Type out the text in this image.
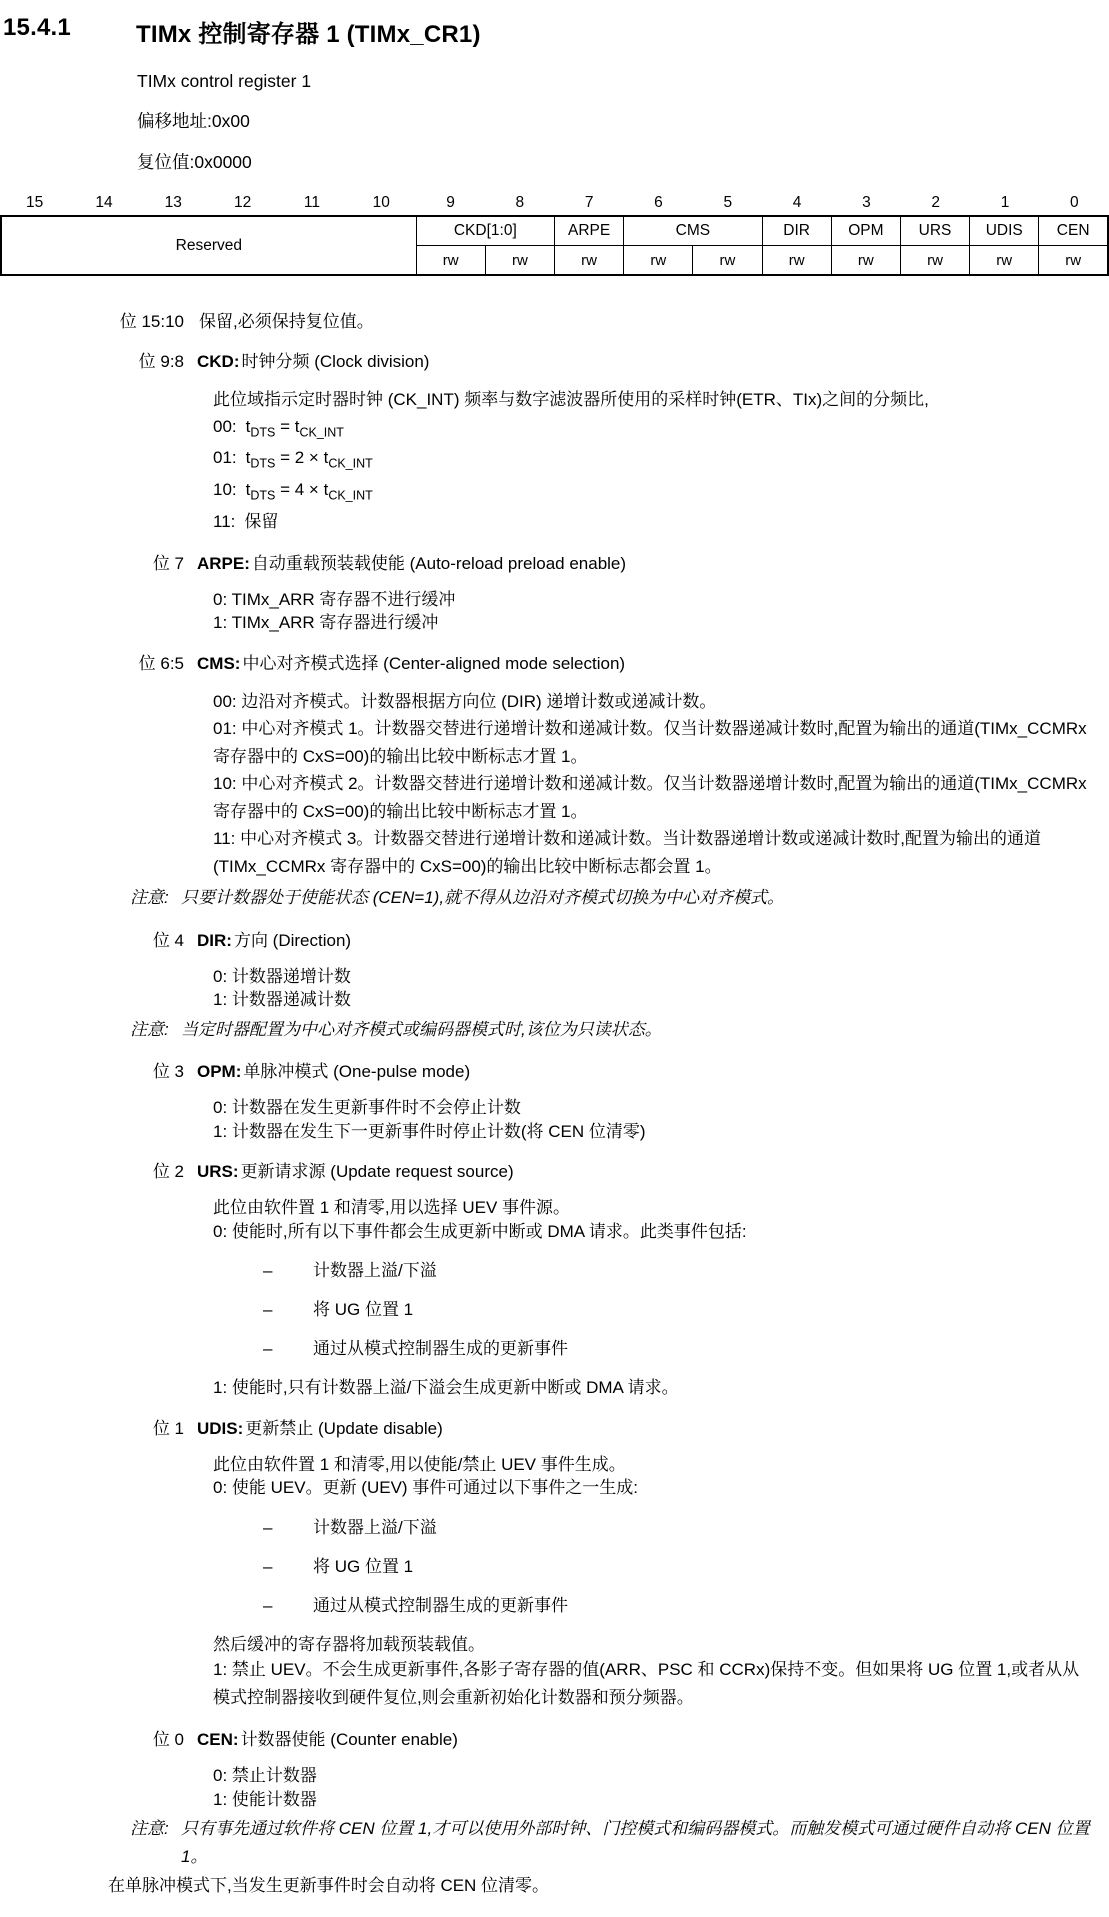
15.4.1	TIMx 控制寄存器 1 (TIMx_CR1)
TIMx control register 1
偏移地址:0x00
复位值:0x0000
15	14	13	12	11	10	9	8	7	6	5	4	3	2	1	0
Reserved	CKD[1:0]		ARPE	CMS		DIR	OPM	URS	UDIS	CEN
	rw	rw	rw	rw	rw	rw	rw	rw	rw	rw
位 15:10 保留,必须保持复位值。
位 9:8 CKD: 时钟分频 (Clock division)
此位域指示定时器时钟 (CK_INT) 频率与数字滤波器所使用的采样时钟(ETR、TIx)之间的分频比,
00: $t_{DTS} = t_{CK\_INT}$
01: $t_{DTS} = 2 \times t_{CK\_INT}$
10: $t_{DTS} = 4 \times t_{CK\_INT}$
11: 保留
位 7 ARPE: 自动重载预装载使能 (Auto-reload preload enable)
0: TIMx_ARR 寄存器不进行缓冲
1: TIMx_ARR 寄存器进行缓冲
位 6:5 CMS: 中心对齐模式选择 (Center-aligned mode selection)
00: 边沿对齐模式。计数器根据方向位 (DIR) 递增计数或递减计数。
01: 中心对齐模式 1。计数器交替进行递增计数和递减计数。仅当计数器递减计数时,配置为输出的通道(TIMx_CCMRx 寄存器中的 CxS=00)的输出比较中断标志才置 1。
10: 中心对齐模式 2。计数器交替进行递增计数和递减计数。仅当计数器递增计数时,配置为输出的通道(TIMx_CCMRx 寄存器中的 CxS=00)的输出比较中断标志才置 1。
11: 中心对齐模式 3。计数器交替进行递增计数和递减计数。当计数器递增计数或递减计数时,配置为输出的通道(TIMx_CCMRx 寄存器中的 CxS=00)的输出比较中断标志都会置 1。
注意: 只要计数器处于使能状态 (CEN=1),就不得从边沿对齐模式切换为中心对齐模式。
位 4 DIR: 方向 (Direction)
0: 计数器递增计数
1: 计数器递减计数
注意: 当定时器配置为中心对齐模式或编码器模式时,该位为只读状态。
位 3 OPM: 单脉冲模式 (One-pulse mode)
0: 计数器在发生更新事件时不会停止计数
1: 计数器在发生下一更新事件时停止计数(将 CEN 位清零)
位 2 URS: 更新请求源 (Update request source)
此位由软件置 1 和清零,用以选择 UEV 事件源。
0: 使能时,所有以下事件都会生成更新中断或 DMA 请求。此类事件包括:
–	计数器上溢/下溢
–	将 UG 位置 1
–	通过从模式控制器生成的更新事件
1: 使能时,只有计数器上溢/下溢会生成更新中断或 DMA 请求。
位 1 UDIS: 更新禁止 (Update disable)
此位由软件置 1 和清零,用以使能/禁止 UEV 事件生成。
0: 使能 UEV。更新 (UEV) 事件可通过以下事件之一生成:
–	计数器上溢/下溢
–	将 UG 位置 1
–	通过从模式控制器生成的更新事件
然后缓冲的寄存器将加载预装载值。
1: 禁止 UEV。不会生成更新事件,各影子寄存器的值(ARR、PSC 和 CCRx)保持不变。但如果将 UG 位置 1,或者从从模式控制器接收到硬件复位,则会重新初始化计数器和预分频器。
位 0 CEN: 计数器使能 (Counter enable)
0: 禁止计数器
1: 使能计数器
注意: 只有事先通过软件将 CEN 位置 1,才可以使用外部时钟、门控模式和编码器模式。而触发模式可通过硬件自动将 CEN 位置 1。
在单脉冲模式下,当发生更新事件时会自动将 CEN 位清零。
